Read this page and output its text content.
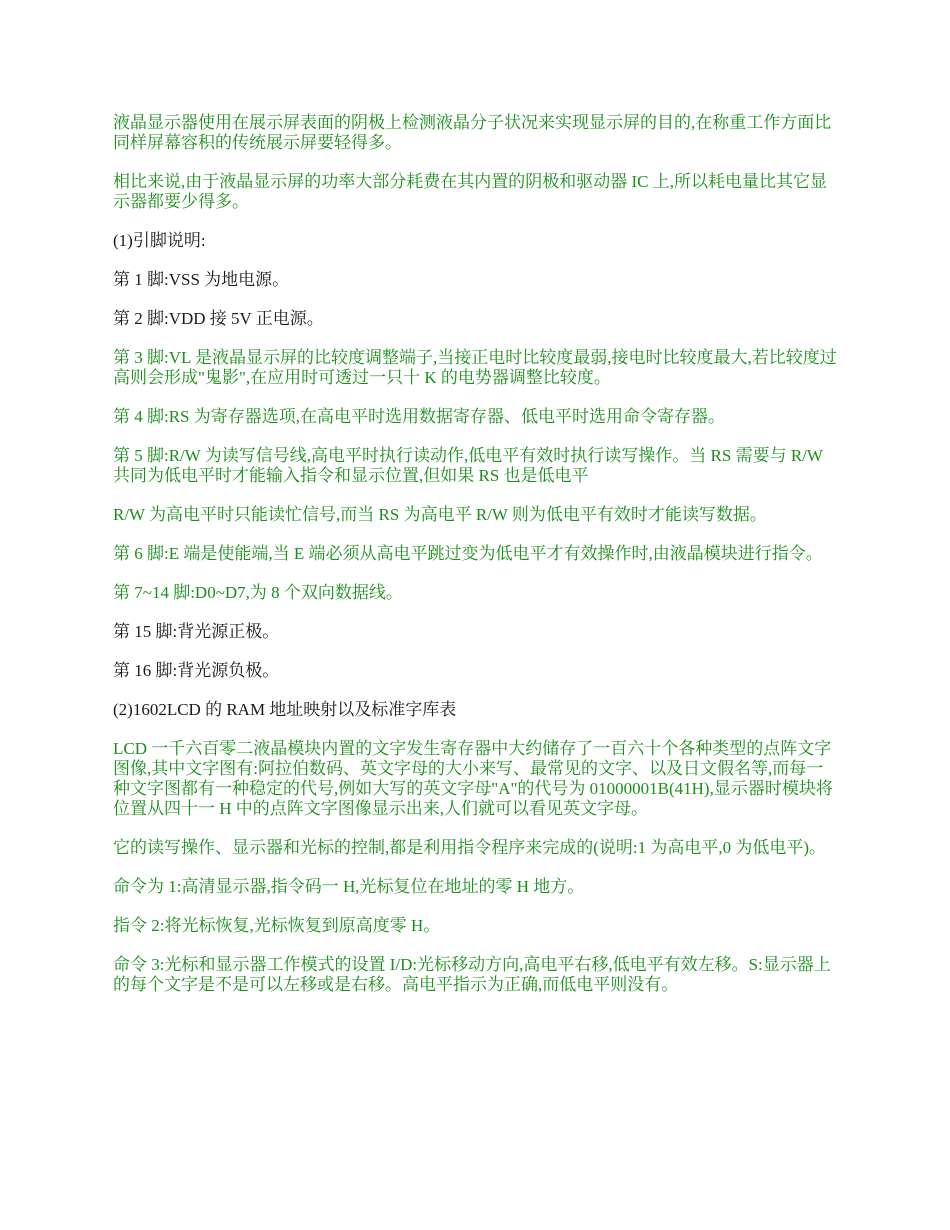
液晶显示器使用在展示屏表面的阴极上检测液晶分子状况来实现显示屏的目的,在称重工作方面比同样屏幕容积的传统展示屏要轻得多。

相比来说,由于液晶显示屏的功率大部分耗费在其内置的阴极和驱动器 IC 上,所以耗电量比其它显示器都要少得多。

(1)引脚说明:

第 1 脚:VSS 为地电源。

第 2 脚:VDD 接 5V 正电源。

第 3 脚:VL 是液晶显示屏的比较度调整端子,当接正电时比较度最弱,接电时比较度最大,若比较度过高则会形成"鬼影",在应用时可透过一只十 K 的电势器调整比较度。

第 4 脚:RS 为寄存器选项,在高电平时选用数据寄存器、低电平时选用命令寄存器。

第 5 脚:R/W 为读写信号线,高电平时执行读动作,低电平有效时执行读写操作。当 RS 需要与 R/W 共同为低电平时才能输入指令和显示位置,但如果 RS 也是低电平

R/W 为高电平时只能读忙信号,而当 RS 为高电平 R/W 则为低电平有效时才能读写数据。

第 6 脚:E 端是使能端,当 E 端必须从高电平跳过变为低电平才有效操作时,由液晶模块进行指令。

第 7~14 脚:D0~D7,为 8 个双向数据线。

第 15 脚:背光源正极。

第 16 脚:背光源负极。

(2)1602LCD 的 RAM 地址映射以及标准字库表

LCD 一千六百零二液晶模块内置的文字发生寄存器中大约储存了一百六十个各种类型的点阵文字图像,其中文字图有:阿拉伯数码、英文字母的大小来写、最常见的文字、以及日文假名等,而每一种文字图都有一种稳定的代号,例如大写的英文字母"A"的代号为 01000001B(41H),显示器时模块将位置从四十一 H 中的点阵文字图像显示出来,人们就可以看见英文字母。

它的读写操作、显示器和光标的控制,都是利用指令程序来完成的(说明:1 为高电平,0 为低电平)。

命令为 1:高清显示器,指令码一 H,光标复位在地址的零 H 地方。

指令 2:将光标恢复,光标恢复到原高度零 H。

命令 3:光标和显示器工作模式的设置 I/D:光标移动方向,高电平右移,低电平有效左移。S:显示器上的每个文字是不是可以左移或是右移。高电平指示为正确,而低电平则没有。
